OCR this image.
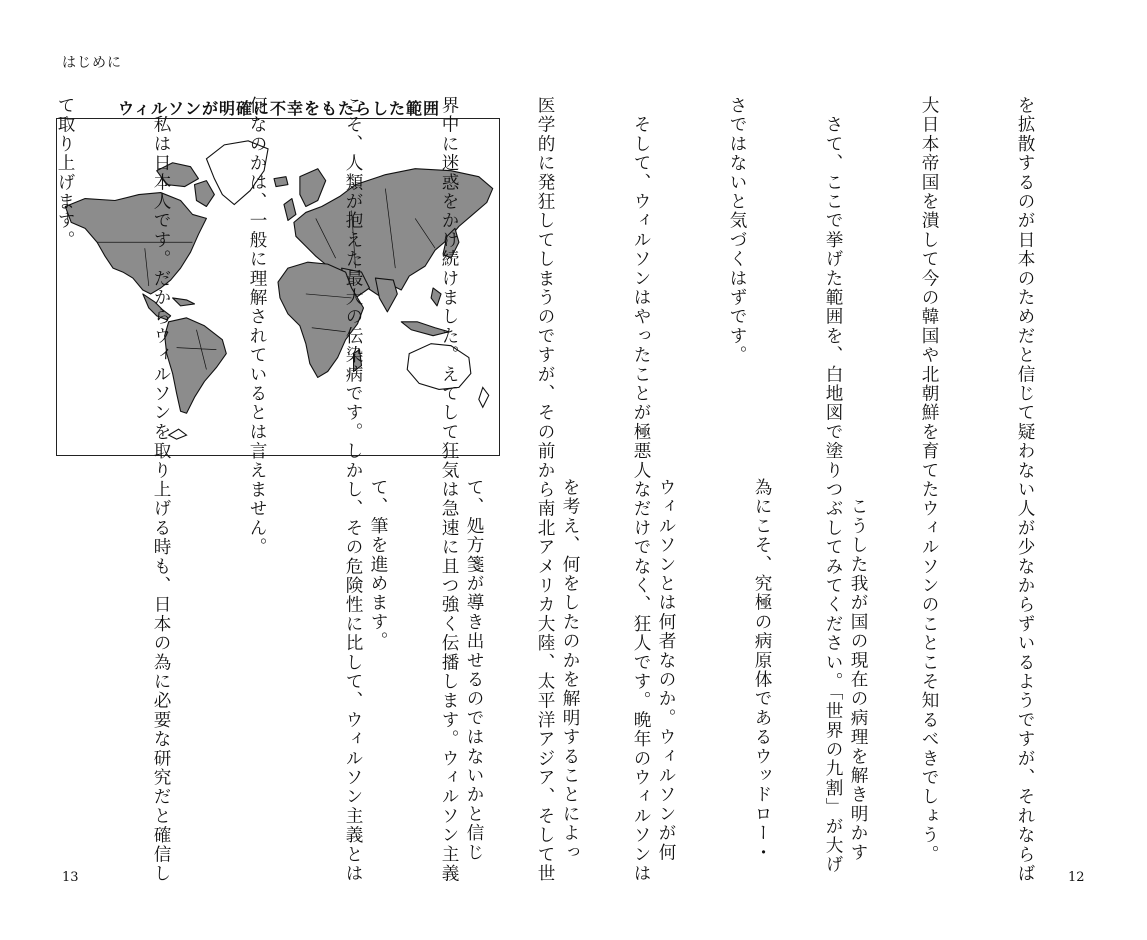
はじめに
ウィルソンが明確に不幸をもたらした範囲

	を拡散するのが日本のためだと信じて疑わない人が少なからずいるようですが、それならば

大日本帝国を潰して今の韓国や北朝鮮を育てたウィルソンのことこそ知るべきでしょう。

　さて、ここで挙げた範囲を、白地図で塗りつぶしてみてください。「世界の九割」が大げ

さではないと気づくはずです。

　そして、ウィルソンはやったことが極悪人なだけでなく、狂人です。晩年のウィルソンは

医学的に発狂してしまうのですが、その前から南北アメリカ大陸、太平洋アジア、そして世

界中に迷惑をかけ続けました。えてして狂気は急速に且つ強く伝播します。ウィルソン主義

こそ、人類が抱えた最大の伝染病です。しかし、その危険性に比して、ウィルソン主義とは

何なのかは、一般に理解されているとは言えません。

　私は日本人です。だからウィルソンを取り上げる時も、日本の為に必要な研究だと確信し

て取り上げます。

　こうした我が国の現在の病理を解き明かす

為にこそ、究極の病原体であるウッドロー・

ウィルソンとは何者なのか。ウィルソンが何

を考え、何をしたのかを解明することによっ

て、処方箋が導き出せるのではないかと信じ

て、筆を進めます。

13	12
